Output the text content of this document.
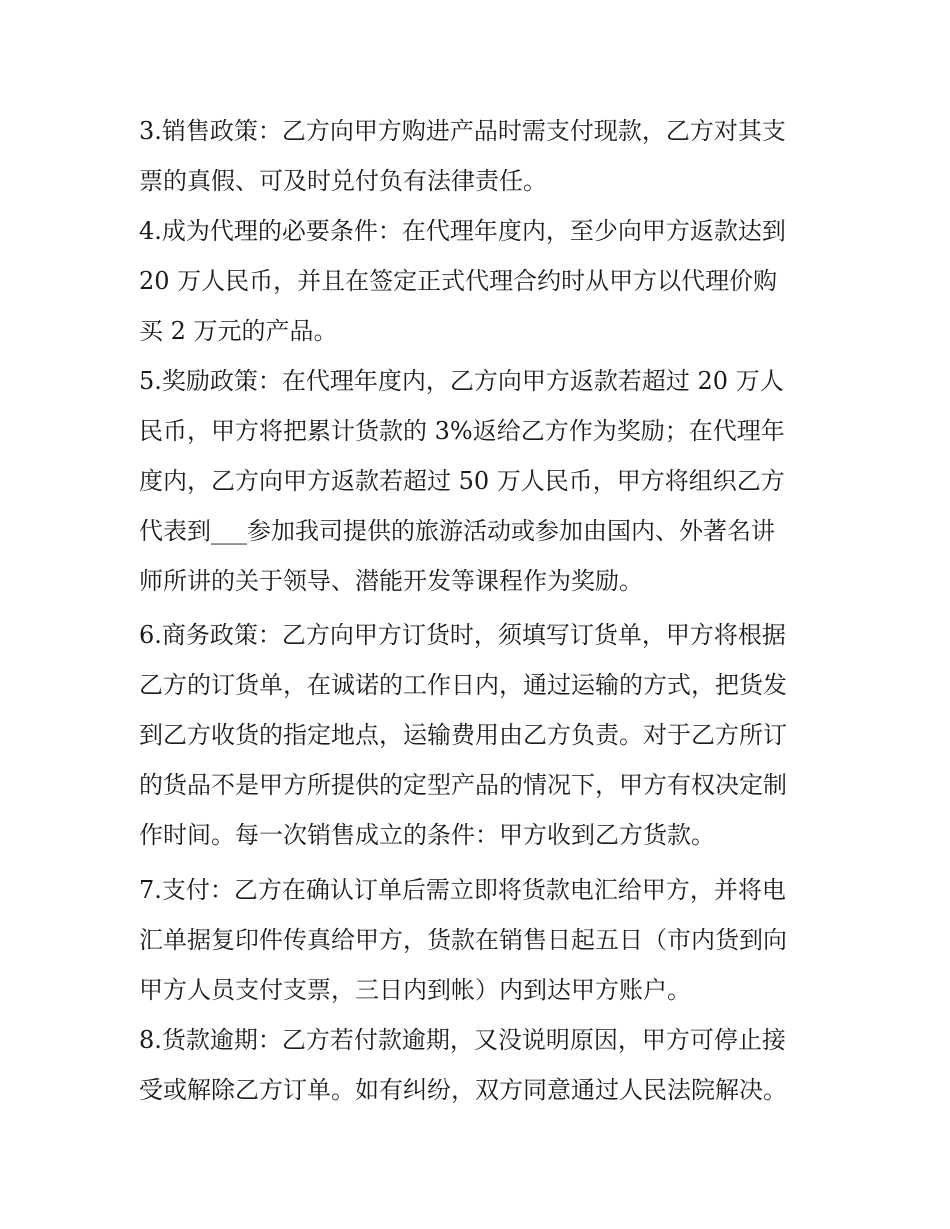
3.销售政策：乙方向甲方购进产品时需支付现款，乙方对其支
票的真假、可及时兑付负有法律责任。
4.成为代理的必要条件：在代理年度内，至少向甲方返款达到
20 万人民币，并且在签定正式代理合约时从甲方以代理价购
买 2 万元的产品。
5.奖励政策：在代理年度内，乙方向甲方返款若超过 20 万人
民币，甲方将把累计货款的 3%返给乙方作为奖励；在代理年
度内，乙方向甲方返款若超过 50 万人民币，甲方将组织乙方
代表到___参加我司提供的旅游活动或参加由国内、外著名讲
师所讲的关于领导、潜能开发等课程作为奖励。
6.商务政策：乙方向甲方订货时，须填写订货单，甲方将根据
乙方的订货单，在诚诺的工作日内，通过运输的方式，把货发
到乙方收货的指定地点，运输费用由乙方负责。对于乙方所订
的货品不是甲方所提供的定型产品的情况下，甲方有权决定制
作时间。每一次销售成立的条件：甲方收到乙方货款。
7.支付：乙方在确认订单后需立即将货款电汇给甲方，并将电
汇单据复印件传真给甲方，货款在销售日起五日（市内货到向
甲方人员支付支票，三日内到帐）内到达甲方账户。
8.货款逾期：乙方若付款逾期，又没说明原因，甲方可停止接
受或解除乙方订单。如有纠纷，双方同意通过人民法院解决。
